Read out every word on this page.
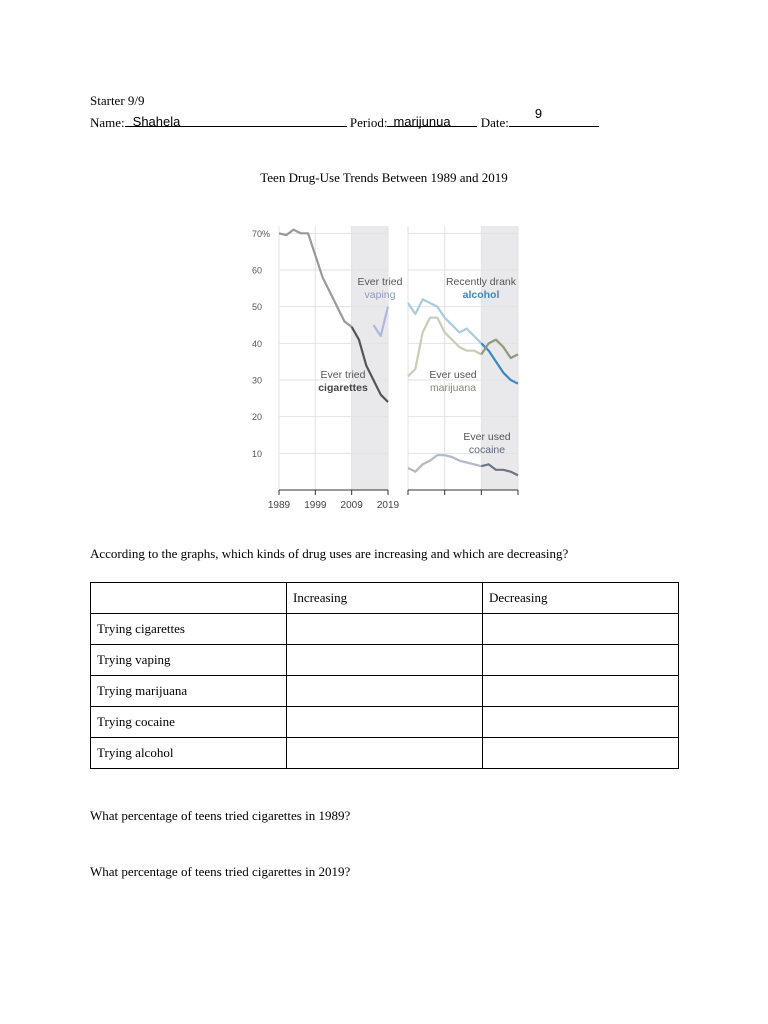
Starter 9/9
Name: Shahela	Period: marijunua Date:
9
Teen Drug-Use Trends Between 1989 and 2019
70%
60
50
40
30
20
10
1989 1999 2009 2019
Ever tried
cigarettes
Ever tried
vaping
Recently drank
alcohol
Ever used
marijuana
Ever used
cocaine
According to the graphs, which kinds of drug uses are increasing and which are decreasing?
	Increasing	Decreasing
Trying cigarettes		
Trying vaping		
Trying marijuana		
Trying cocaine		
Trying alcohol		
What percentage of teens tried cigarettes in 1989?
What percentage of teens tried cigarettes in 2019?
